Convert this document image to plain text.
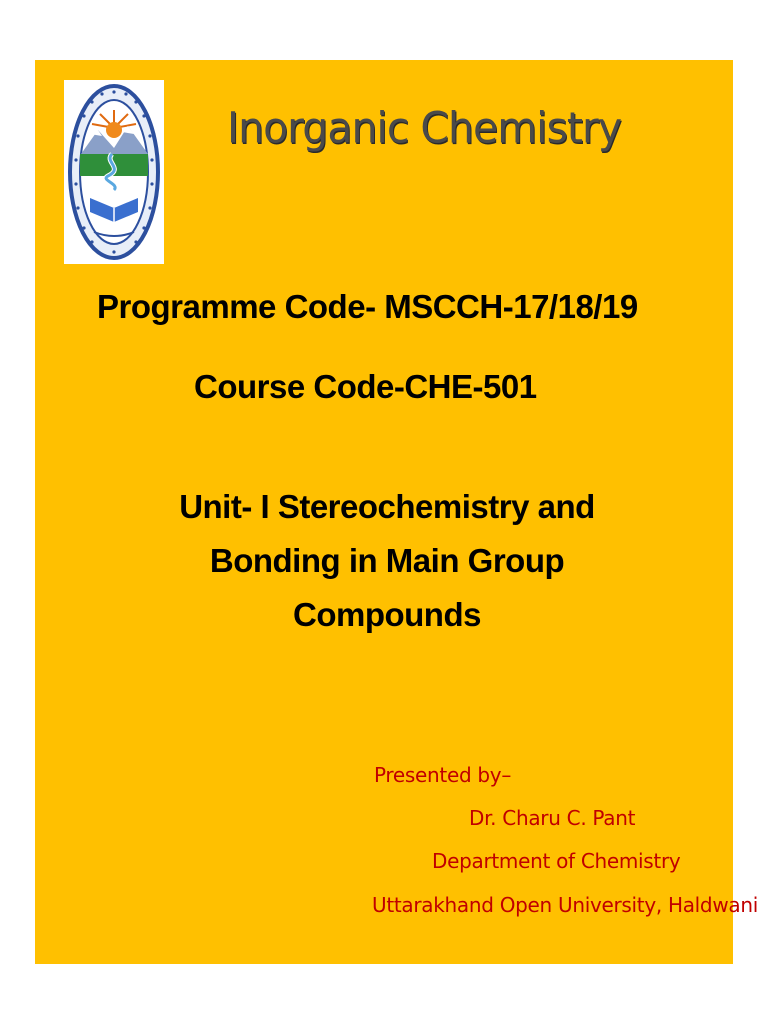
Inorganic Chemistry

Programme Code- MSCCH-17/18/19

Course Code-CHE-501

Unit- I Stereochemistry and
Bonding in Main Group
Compounds

Presented by–

Dr. Charu C. Pant

Department of Chemistry

Uttarakhand Open University, Haldwani
